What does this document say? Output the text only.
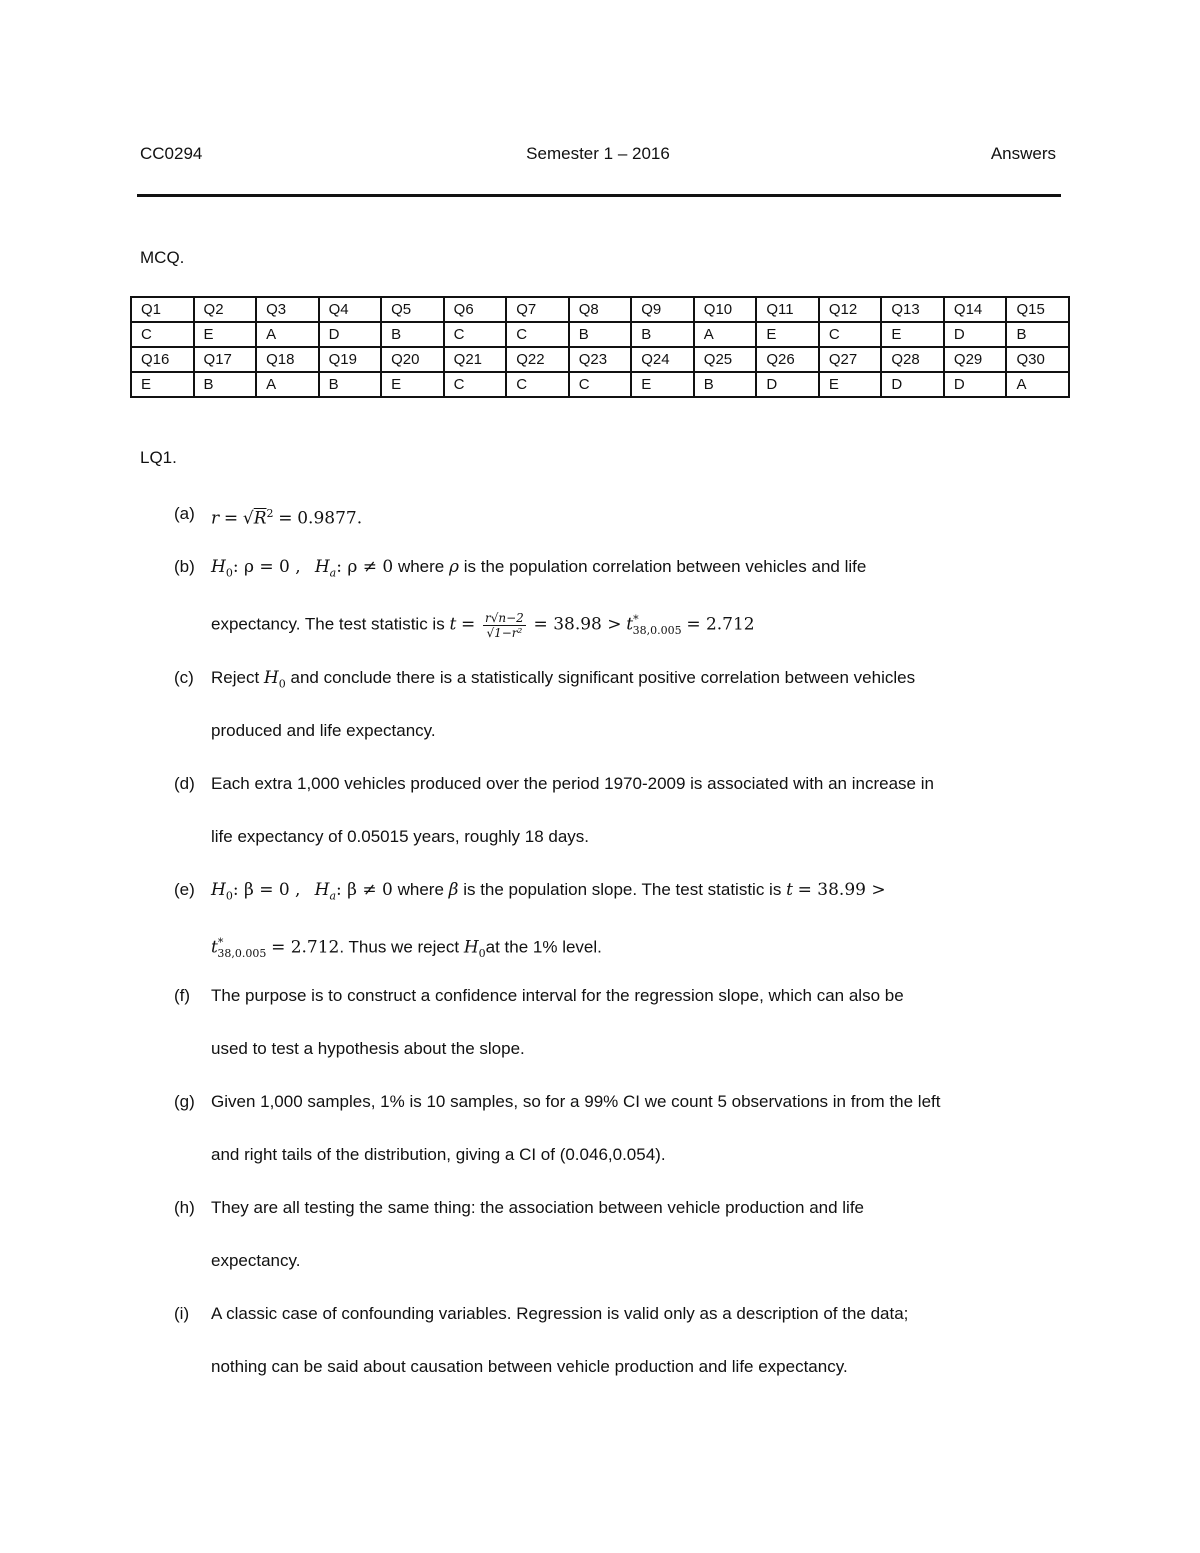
CC0294	Semester 1 – 2016	Answers
MCQ.
Q1	Q2	Q3	Q4	Q5	Q6	Q7	Q8	Q9	Q10	Q11	Q12	Q13	Q14	Q15
C	E	A	D	B	C	C	B	B	A	E	C	E	D	B
Q16	Q17	Q18	Q19	Q20	Q21	Q22	Q23	Q24	Q25	Q26	Q27	Q28	Q29	Q30
E	B	A	B	E	C	C	C	E	B	D	E	D	D	A
LQ1.
(a) $r = √R^2 = 0.9877$.
(b) $H_0$: ρ = 0 , $H_a$: ρ ≠ 0 where ρ is the population correlation between vehicles and life
expectancy. The test statistic is $t = \frac{r√n-2}{\text{√1−r²}} = 38.98 > t^*_{38,0.005} = 2.712$
(c) Reject $H_0$ and conclude there is a statistically significant positive correlation between vehicles
produced and life expectancy.
(d) Each extra 1,000 vehicles produced over the period 1970-2009 is associated with an increase in
life expectancy of 0.05015 years, roughly 18 days.
(e) $H_0$: β = 0 , $H_a$: β ≠ 0 where β is the population slope. The test statistic is t = 38.99 >
$t^*_{38,0.005} = 2.712$. Thus we reject $H_0at$ the 1% level.
(f) The purpose is to construct a confidence interval for the regression slope, which can also be
used to test a hypothesis about the slope.
(g) Given 1,000 samples, 1% is 10 samples, so for a 99% CI we count 5 observations in from the left
and right tails of the distribution, giving a CI of (0.046,0.054).
(h) They are all testing the same thing: the association between vehicle production and life
expectancy.
(i) A classic case of confounding variables. Regression is valid only as a description of the data;
nothing can be said about causation between vehicle production and life expectancy.
